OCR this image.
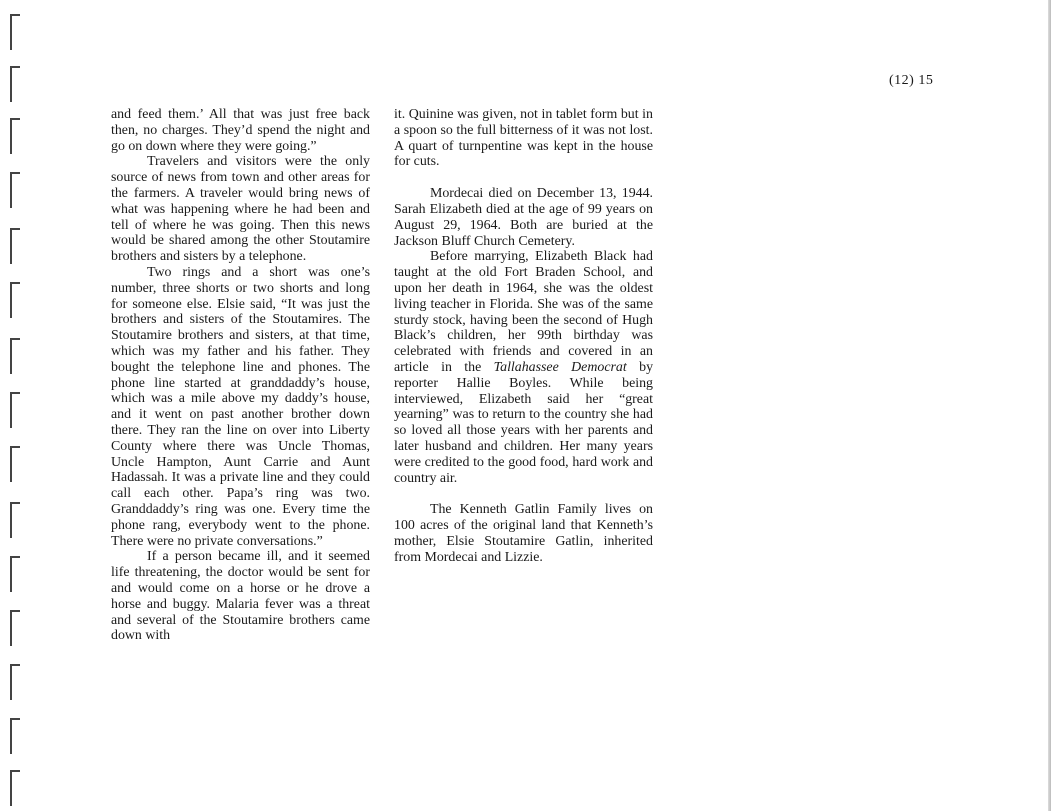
(12) 15

and feed them.’ All that was just free back then, no charges. They’d spend the night and go on down where they were going.”

Travelers and visitors were the only source of news from town and other areas for the farmers. A traveler would bring news of what was happening where he had been and tell of where he was going. Then this news would be shared among the other Stoutamire brothers and sisters by a telephone.

Two rings and a short was one’s number, three shorts or two shorts and long for someone else. Elsie said, “It was just the brothers and sisters of the Stoutamires. The Stoutamire brothers and sisters, at that time, which was my father and his father. They bought the telephone line and phones. The phone line started at granddaddy’s house, which was a mile above my daddy’s house, and it went on past another brother down there. They ran the line on over into Liberty County where there was Uncle Thomas, Uncle Hampton, Aunt Carrie and Aunt Hadassah. It was a private line and they could call each other. Papa’s ring was two. Granddaddy’s ring was one. Every time the phone rang, everybody went to the phone. There were no private conversations.”

If a person became ill, and it seemed life threatening, the doctor would be sent for and would come on a horse or he drove a horse and buggy. Malaria fever was a threat and several of the Stoutamire brothers came down with

it. Quinine was given, not in tablet form but in a spoon so the full bitterness of it was not lost. A quart of turnpentine was kept in the house for cuts.

Mordecai died on December 13, 1944. Sarah Elizabeth died at the age of 99 years on August 29, 1964. Both are buried at the Jackson Bluff Church Cemetery.

Before marrying, Elizabeth Black had taught at the old Fort Braden School, and upon her death in 1964, she was the oldest living teacher in Florida. She was of the same sturdy stock, having been the second of Hugh Black’s children, her 99th birthday was celebrated with friends and covered in an article in the Tallahassee Democrat by reporter Hallie Boyles. While being interviewed, Elizabeth said her “great yearning” was to return to the country she had so loved all those years with her parents and later husband and children. Her many years were credited to the good food, hard work and country air.

The Kenneth Gatlin Family lives on 100 acres of the original land that Kenneth’s mother, Elsie Stoutamire Gatlin, inherited from Mordecai and Lizzie.
